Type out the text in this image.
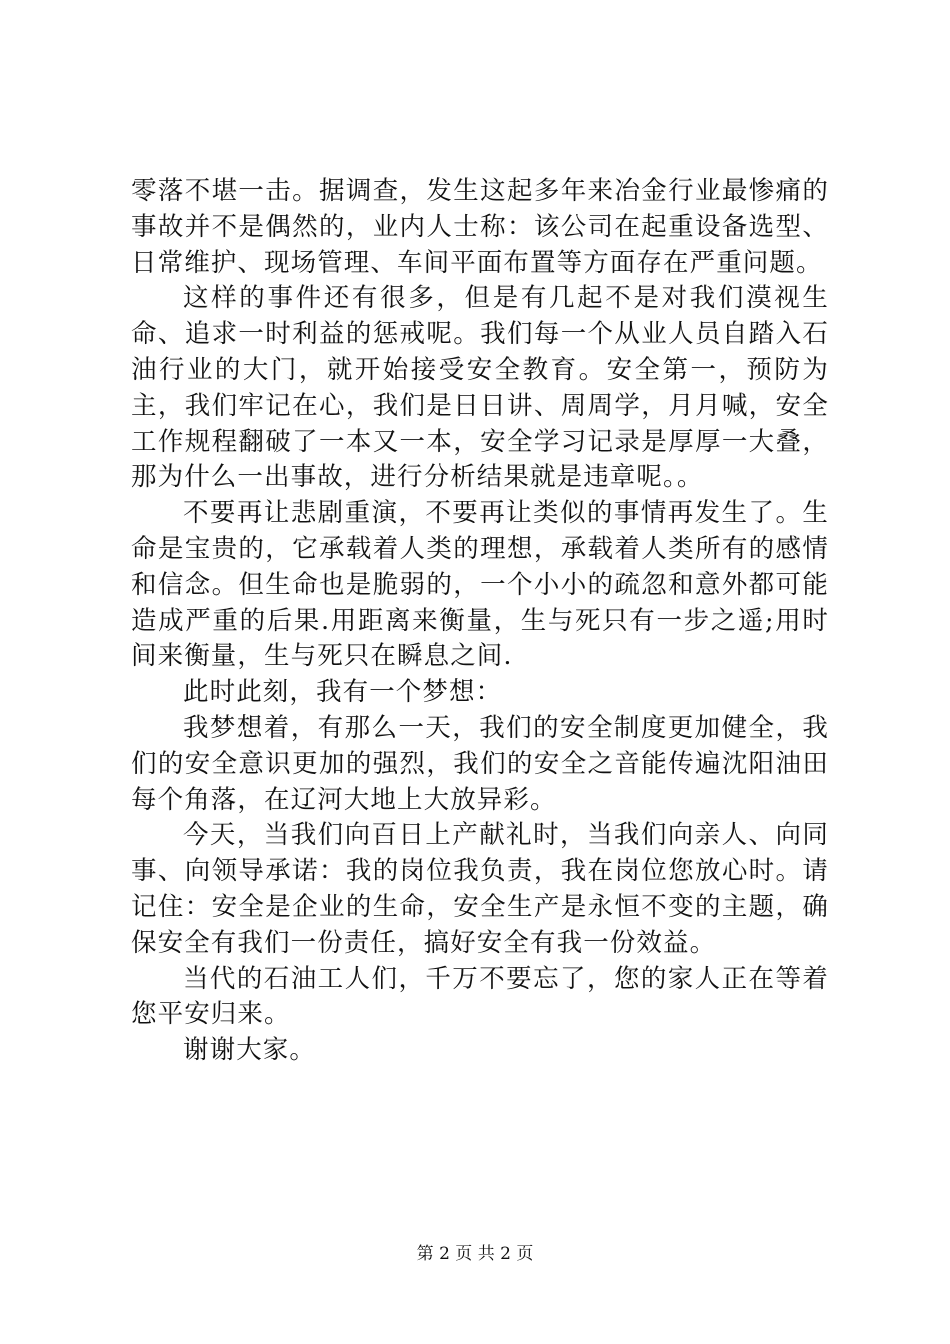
零落不堪一击。据调查，发生这起多年来冶金行业最惨痛的事故并不是偶然的，业内人士称：该公司在起重设备选型、日常维护、现场管理、车间平面布置等方面存在严重问题。

这样的事件还有很多，但是有几起不是对我们漠视生命、追求一时利益的惩戒呢。我们每一个从业人员自踏入石油行业的大门，就开始接受安全教育。安全第一，预防为主，我们牢记在心，我们是日日讲、周周学，月月喊，安全工作规程翻破了一本又一本，安全学习记录是厚厚一大叠，那为什么一出事故，进行分析结果就是违章呢。。

不要再让悲剧重演，不要再让类似的事情再发生了。生命是宝贵的，它承载着人类的理想，承载着人类所有的感情和信念。但生命也是脆弱的，一个小小的疏忽和意外都可能造成严重的后果.用距离来衡量，生与死只有一步之遥;用时间来衡量，生与死只在瞬息之间.

此时此刻，我有一个梦想：

我梦想着，有那么一天，我们的安全制度更加健全，我们的安全意识更加的强烈，我们的安全之音能传遍沈阳油田每个角落，在辽河大地上大放异彩。

今天，当我们向百日上产献礼时，当我们向亲人、向同事、向领导承诺：我的岗位我负责，我在岗位您放心时。请记住：安全是企业的生命，安全生产是永恒不变的主题，确保安全有我们一份责任，搞好安全有我一份效益。

当代的石油工人们，千万不要忘了，您的家人正在等着您平安归来。

谢谢大家。

第 2 页 共 2 页
